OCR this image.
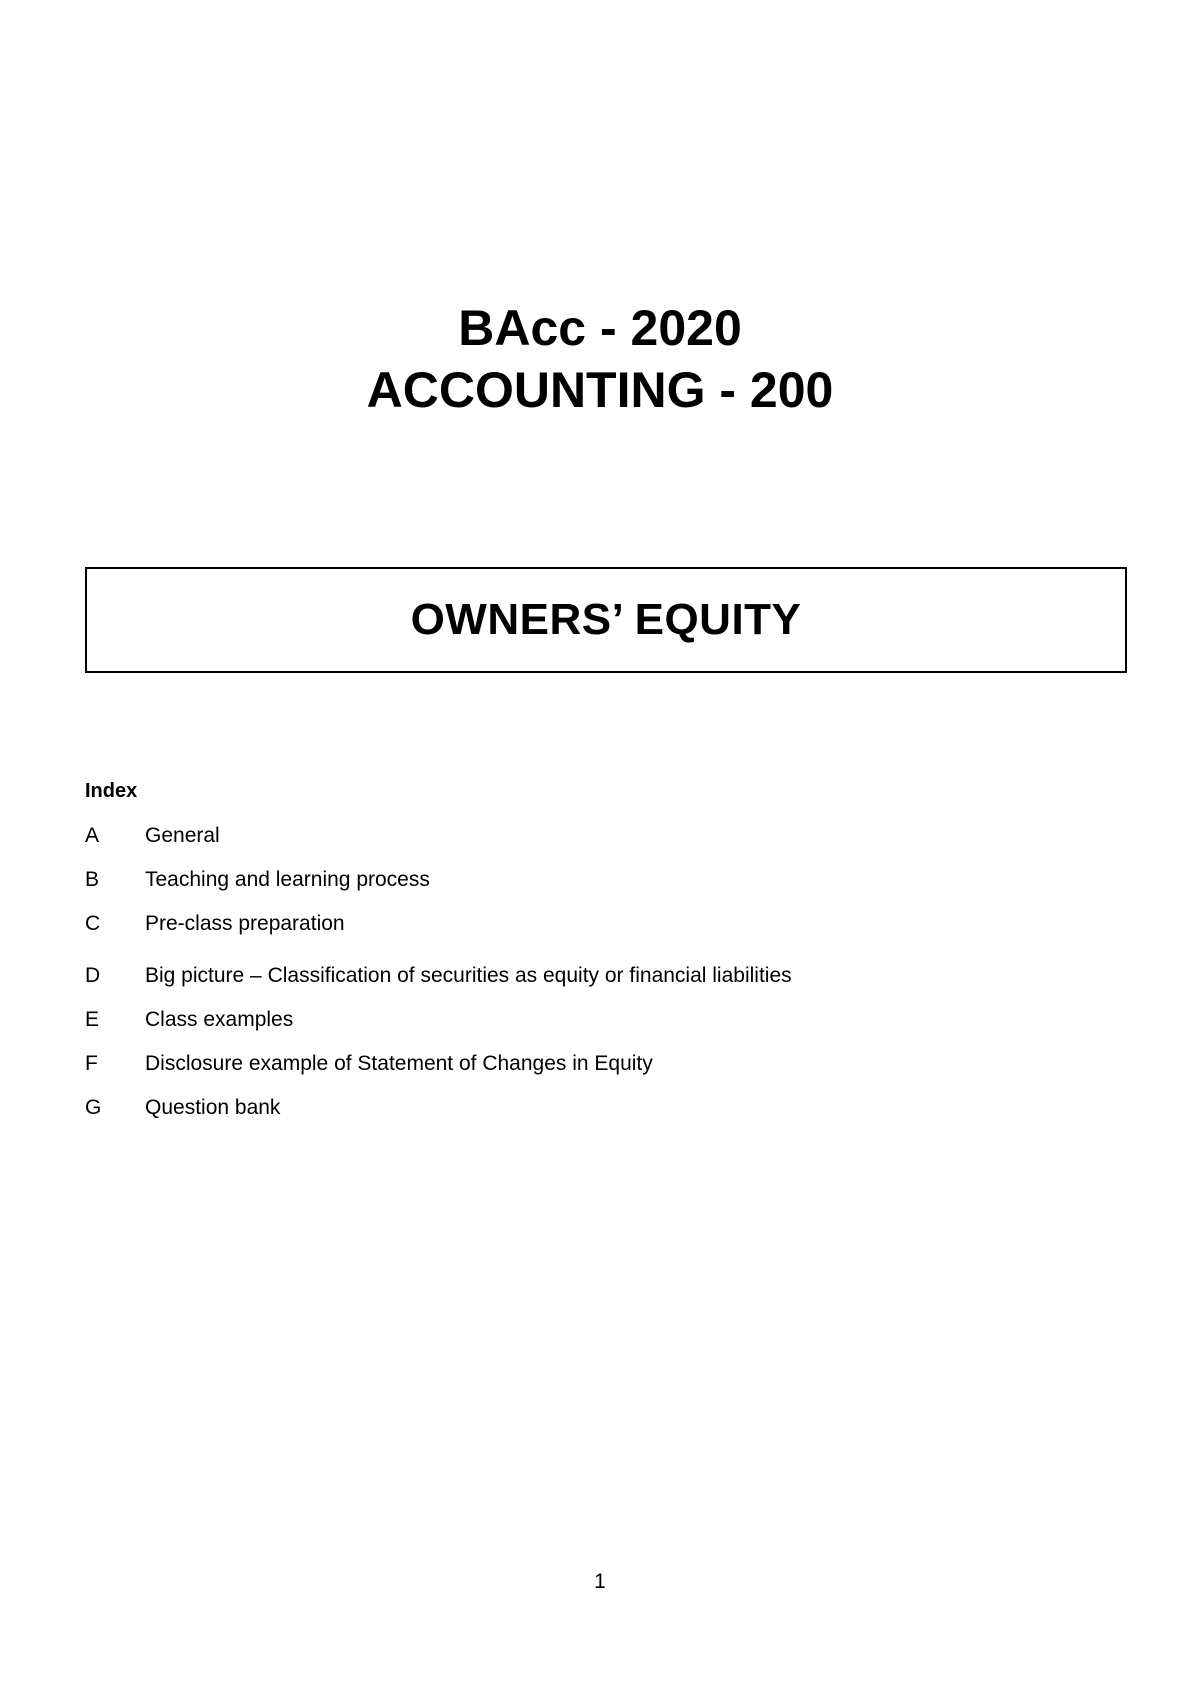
BAcc - 2020
ACCOUNTING - 200
OWNERS’ EQUITY
Index
A	General
B	Teaching and learning process
C	Pre-class preparation
D	Big picture – Classification of securities as equity or financial liabilities
E	Class examples
F	Disclosure example of Statement of Changes in Equity
G	Question bank
1
